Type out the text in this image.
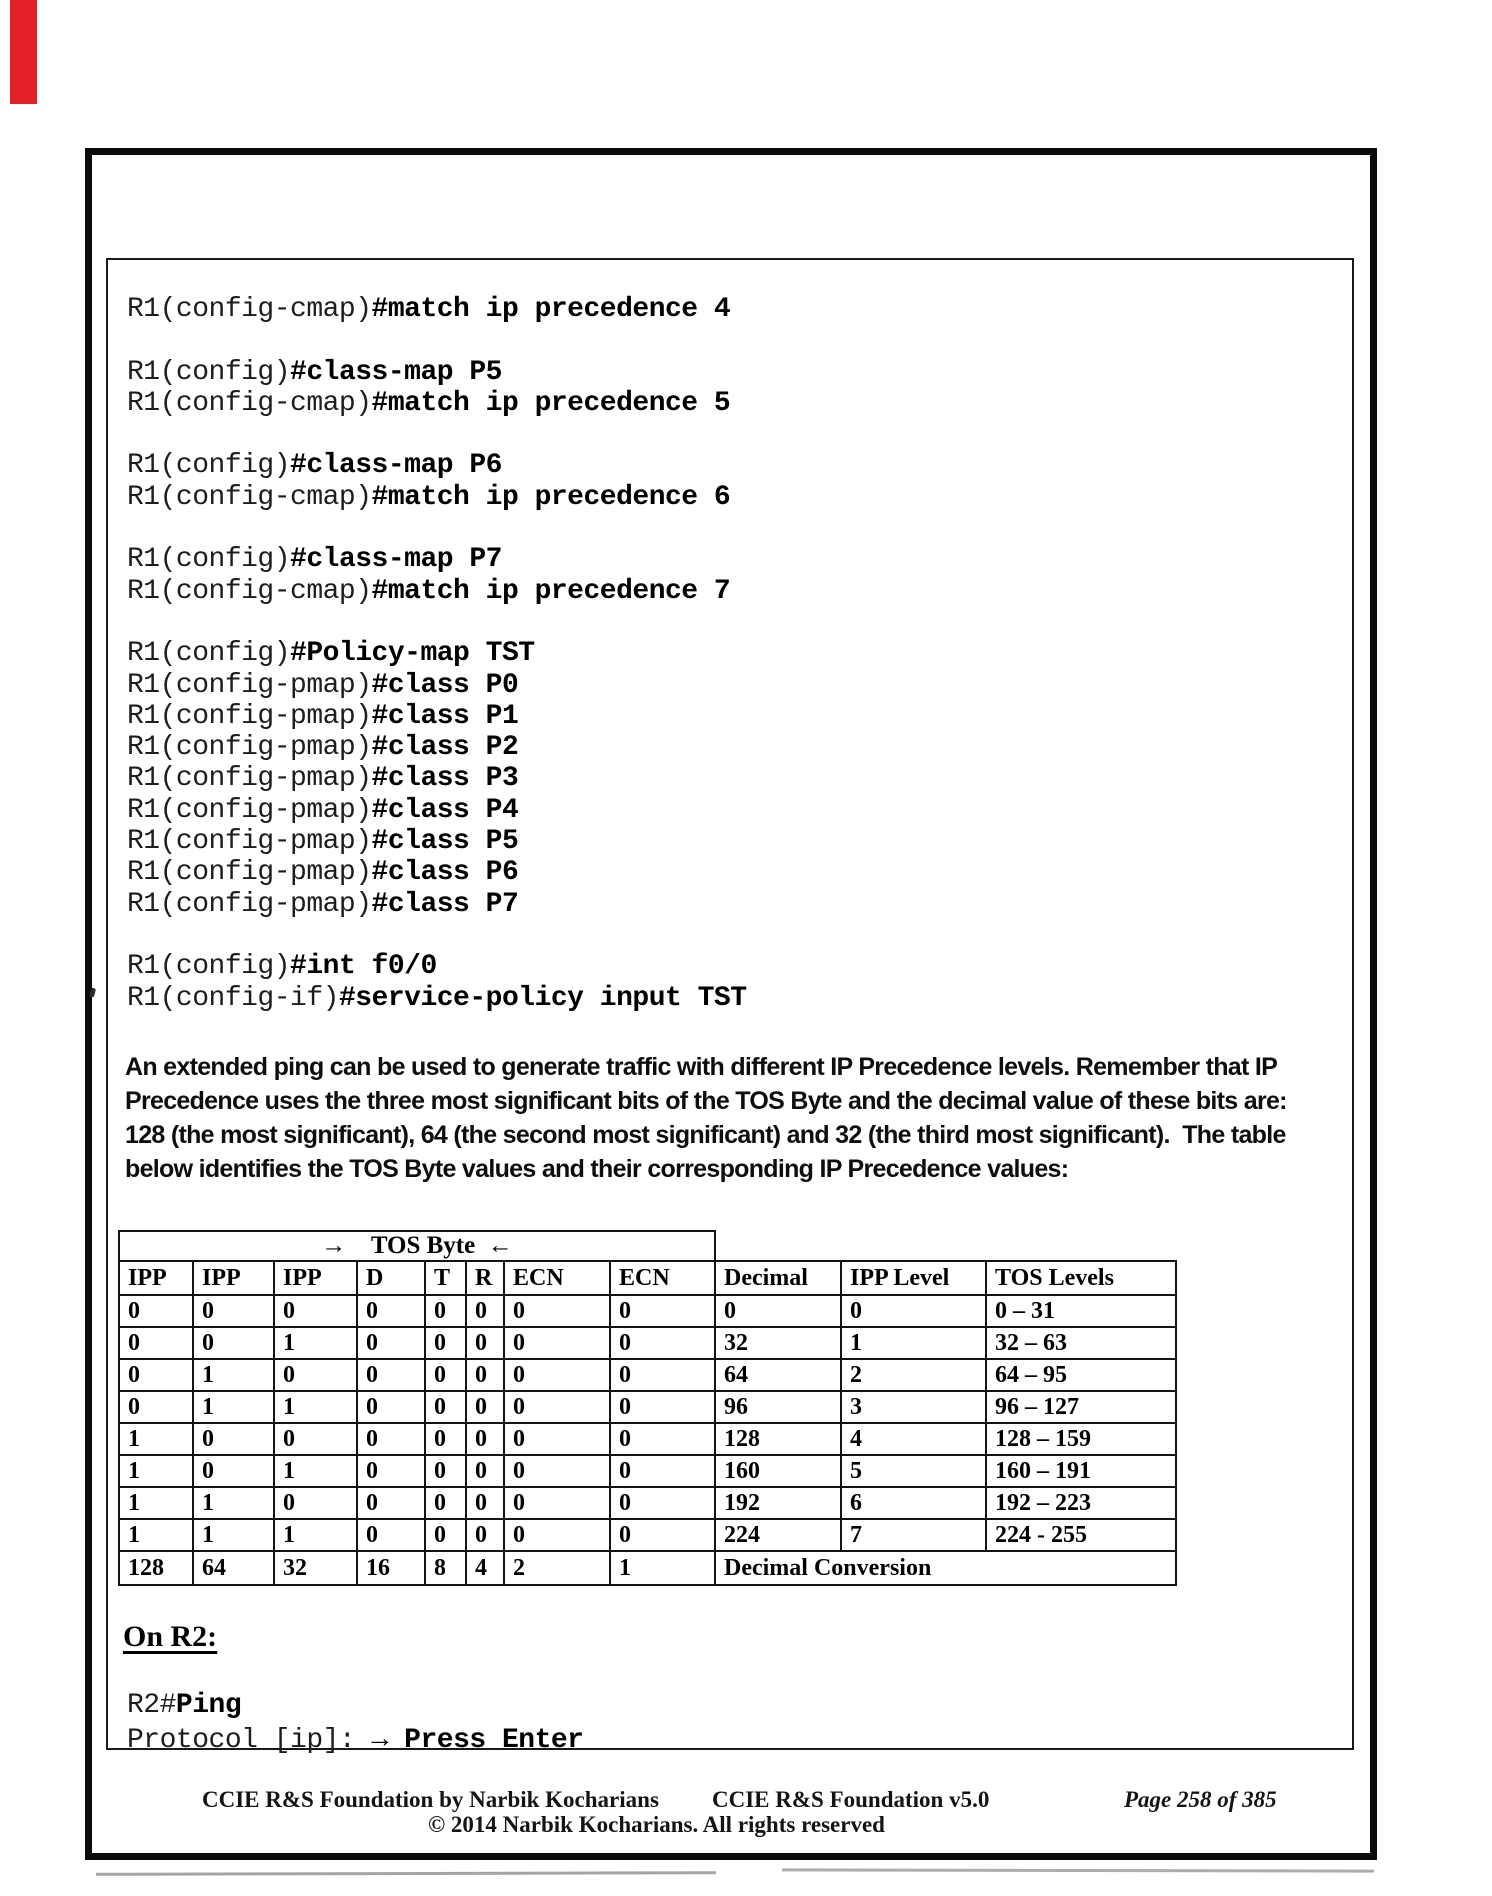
R1(config-cmap)#match ip precedence 4

R1(config)#class-map P5
R1(config-cmap)#match ip precedence 5

R1(config)#class-map P6
R1(config-cmap)#match ip precedence 6

R1(config)#class-map P7
R1(config-cmap)#match ip precedence 7

R1(config)#Policy-map TST
R1(config-pmap)#class P0
R1(config-pmap)#class P1
R1(config-pmap)#class P2
R1(config-pmap)#class P3
R1(config-pmap)#class P4
R1(config-pmap)#class P5
R1(config-pmap)#class P6
R1(config-pmap)#class P7

R1(config)#int f0/0
R1(config-if)#service-policy input TST
An extended ping can be used to generate traffic with different IP Precedence levels. Remember that IP
Precedence uses the three most significant bits of the TOS Byte and the decimal value of these bits are:
128 (the most significant), 64 (the second most significant) and 32 (the third most significant).  The table
below identifies the TOS Byte values and their corresponding IP Precedence values:
→    TOS Byte  ←										
IPP	IPP	IPP	D	T	R	ECN	ECN	Decimal	IPP Level	TOS Levels
0	0	0	0	0	0	0	0	0	0	0 – 31
0	0	1	0	0	0	0	0	32	1	32 – 63
0	1	0	0	0	0	0	0	64	2	64 – 95
0	1	1	0	0	0	0	0	96	3	96 – 127
1	0	0	0	0	0	0	0	128	4	128 – 159
1	0	1	0	0	0	0	0	160	5	160 – 191
1	1	0	0	0	0	0	0	192	6	192 – 223
1	1	1	0	0	0	0	0	224	7	224 - 255
128	64	32	16	8	4	2	1	Decimal Conversion		
On R2:
R2#Ping
Protocol [ip]: → Press Enter
CCIE R&S Foundation by Narbik Kocharians CCIE R&S Foundation v5.0	Page 258 of 385
© 2014 Narbik Kocharians. All rights reserved
